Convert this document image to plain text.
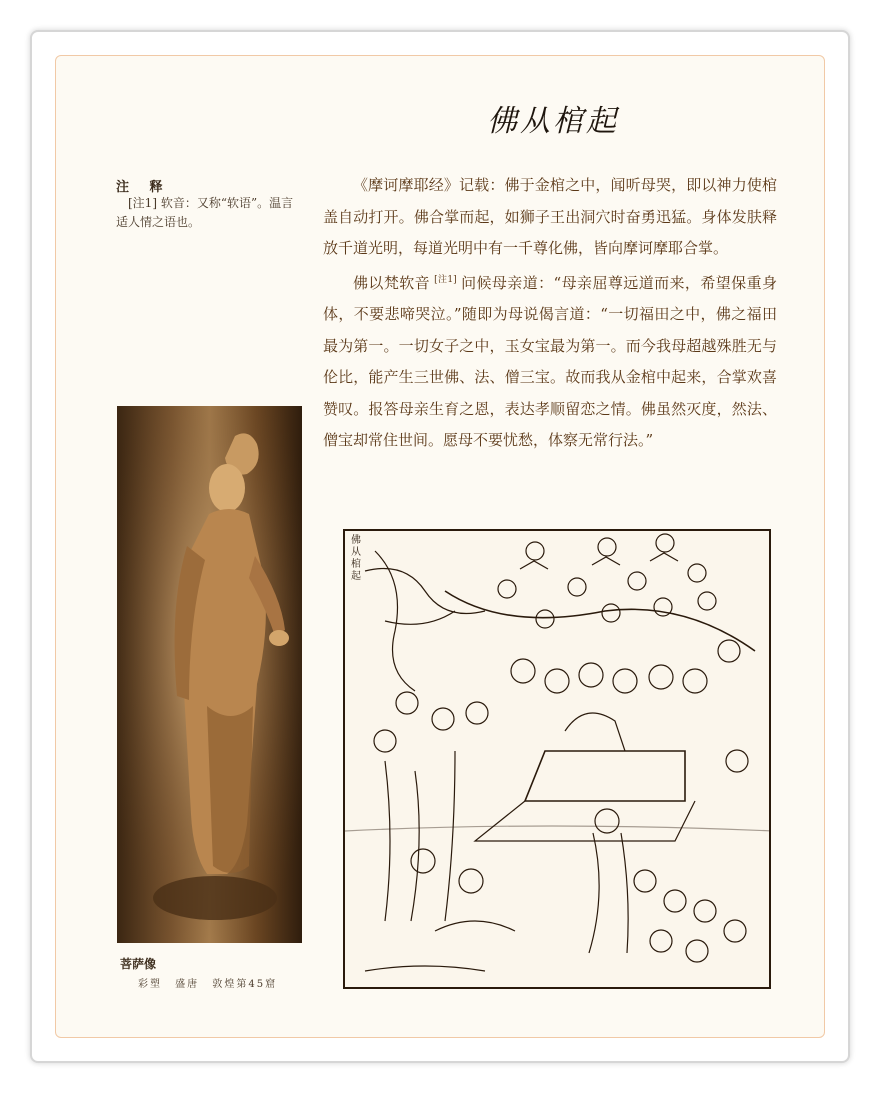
佛从棺起
注 释
[注1] 软音：又称“软语”。温言适人情之语也。

《摩诃摩耶经》记载：佛于金棺之中，闻听母哭，即以神力使棺盖自动打开。佛合掌而起，如狮子王出洞穴时奋勇迅猛。身体发肤释放千道光明，每道光明中有一千尊化佛，皆向摩诃摩耶合掌。

佛以梵软音 [注1] 问候母亲道：“母亲屈尊远道而来，希望保重身体，不要悲啼哭泣。”随即为母说偈言道：“一切福田之中，佛之福田最为第一。一切女子之中，玉女宝最为第一。而今我母超越殊胜无与伦比，能产生三世佛、法、僧三宝。故而我从金棺中起来，合掌欢喜赞叹。报答母亲生育之恩，表达孝顺留恋之情。佛虽然灭度，然法、僧宝却常住世间。愿母不要忧愁，体察无常行法。”

菩萨像
彩塑 盛唐 敦煌第45窟
佛从棺起
